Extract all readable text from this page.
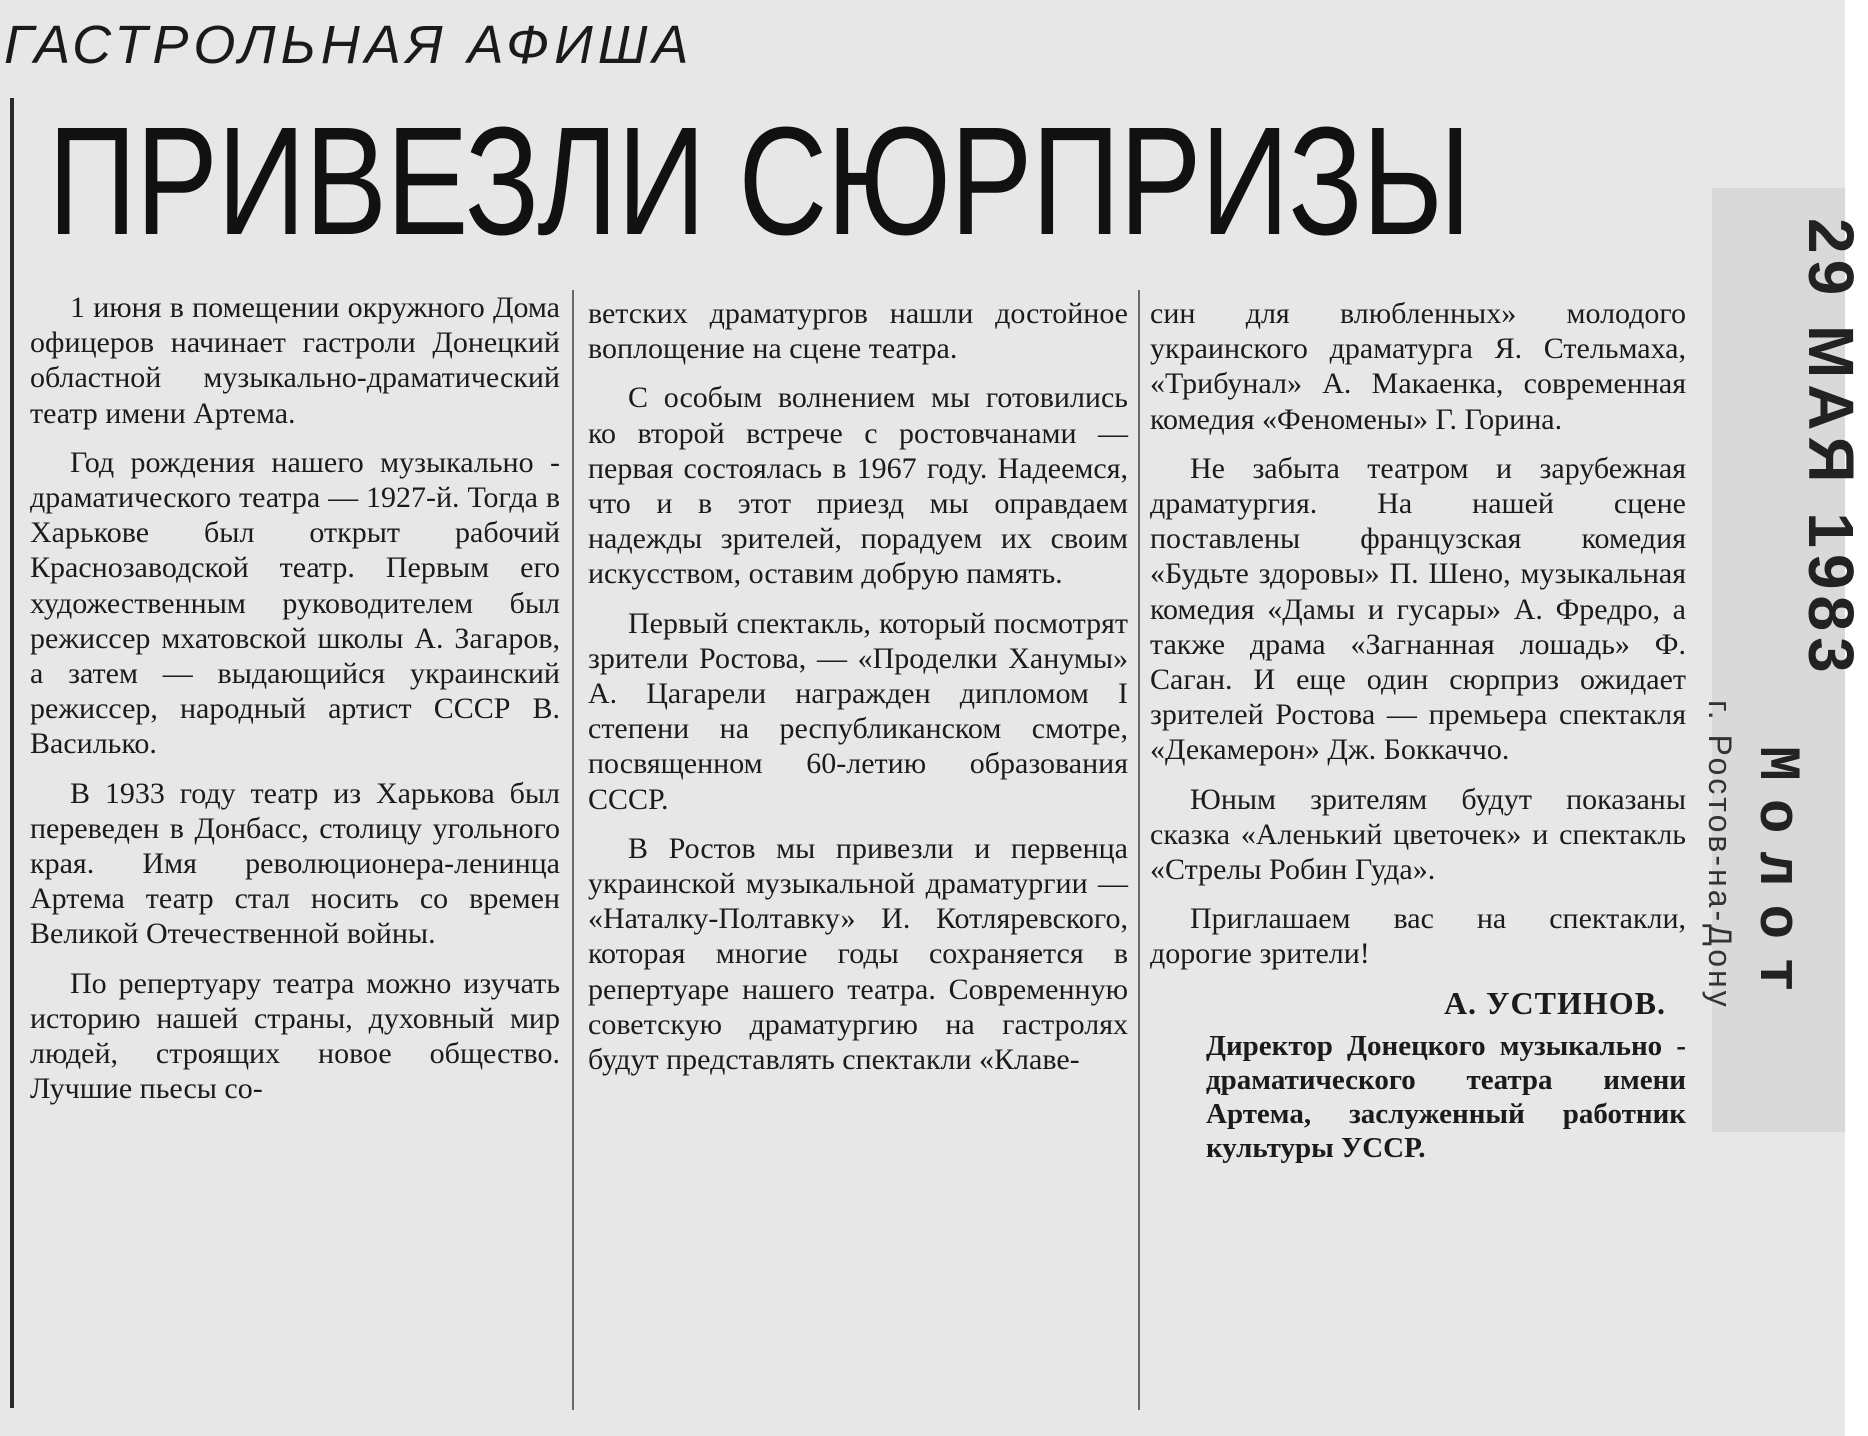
ГАСТРОЛЬНАЯ АФИША
ПРИВЕЗЛИ СЮРПРИЗЫ

1 июня в помещении окружного Дома офицеров начинает гастроли Донецкий областной музыкально-драматический театр имени Артема.

Год рождения нашего музыкально - драматического театра — 1927-й. Тогда в Харькове был открыт рабочий Краснозаводской театр. Первым его художественным руководителем был режиссер мхатовской школы А. Загаров, а затем — выдающийся украинский режиссер, народный артист СССР В. Василько.

В 1933 году театр из Харькова был переведен в Донбасс, столицу угольного края. Имя революционера-ленинца Артема театр стал носить со времен Великой Отечественной войны.

По репертуару театра можно изучать историю нашей страны, духовный мир людей, строящих новое общество. Лучшие пьесы со-

ветских драматургов нашли достойное воплощение на сцене театра.

С особым волнением мы готовились ко второй встрече с ростовчанами — первая состоялась в 1967 году. Надеемся, что и в этот приезд мы оправдаем надежды зрителей, порадуем их своим искусством, оставим добрую память.

Первый спектакль, который посмотрят зрители Ростова, — «Проделки Ханумы» А. Цагарели награжден дипломом I степени на республиканском смотре, посвященном 60-летию образования СССР.

В Ростов мы привезли и первенца украинской музыкальной драматургии — «Наталку-Полтавку» И. Котляревского, которая многие годы сохраняется в репертуаре нашего театра. Современную советскую драматургию на гастролях будут представлять спектакли «Клаве-

син для влюбленных» молодого украинского драматурга Я. Стельмаха, «Трибунал» А. Макаенка, современная комедия «Феномены» Г. Горина.

Не забыта театром и зарубежная драматургия. На нашей сцене поставлены французская комедия «Будьте здоровы» П. Шено, музыкальная комедия «Дамы и гусары» А. Фредро, а также драма «Загнанная лошадь» Ф. Саган. И еще один сюрприз ожидает зрителей Ростова — премьера спектакля «Декамерон» Дж. Боккаччо.

Юным зрителям будут показаны сказка «Аленький цветочек» и спектакль «Стрелы Робин Гуда».

Приглашаем вас на спектакли, дорогие зрители!

А. УСТИНОВ.
Директор Донецкого музыкально - драматического театра имени Артема, заслуженный работник культуры УССР.
29 МАЯ 1983
Молот
г. Ростов-на-Дону
